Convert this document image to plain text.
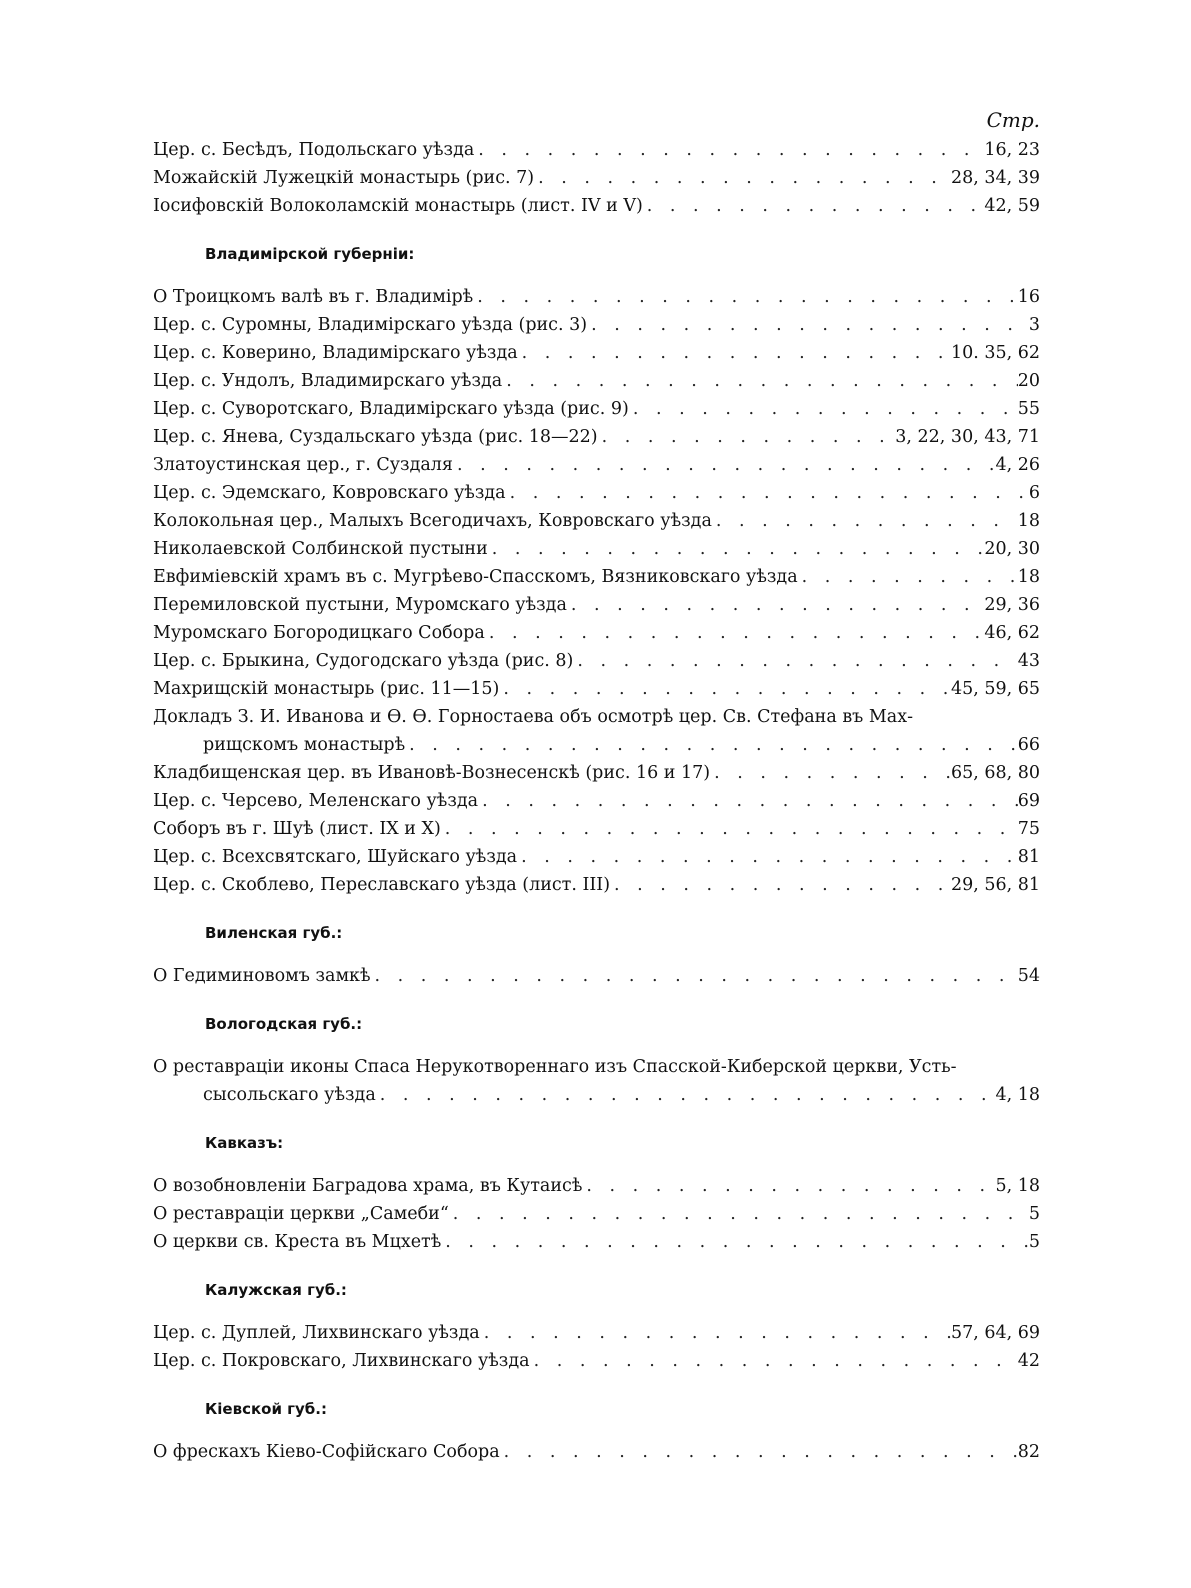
Стр.
Цер. с. Бесѣдъ, Подольскаго уѣзда . . .	16, 23
Можайскій Лужецкій монастырь (рис. 7) . . .	28, 34, 39
Іосифовскій Волоколамскій монастырь (лист. IV и V) . . .	42, 59
Владимірской губерніи:
О Троицкомъ валѣ въ г. Владимірѣ . . .	16
Цер. с. Суромны, Владимірскаго уѣзда (рис. 3) . . .	3
Цер. с. Коверино, Владимірскаго уѣзда . . .	10. 35, 62
Цер. с. Ундолъ, Владимирскаго уѣзда . . .	20
Цер. с. Суворотскаго, Владимірскаго уѣзда (рис. 9) . . .	55
Цер. с. Янева, Суздальскаго уѣзда (рис. 18—22) . . .	3, 22, 30, 43, 71
Златоустинская цер., г. Суздаля . . .	4, 26
Цер. с. Эдемскаго, Ковровскаго уѣзда . . .	6
Колокольная цер., Малыхъ Всегодичахъ, Ковровскаго уѣзда . . .	18
Николаевской Солбинской пустыни . . .	20, 30
Евфиміевскій храмъ въ с. Мугрѣево-Спасскомъ, Вязниковскаго уѣзда . . .	18
Перемиловской пустыни, Муромскаго уѣзда . . .	29, 36
Муромскаго Богородицкаго Собора . . .	46, 62
Цер. с. Брыкина, Судогодскаго уѣзда (рис. 8) . . .	43
Махрищскій монастырь (рис. 11—15) . . .	45, 59, 65
Докладъ З. И. Иванова и Ѳ. Ѳ. Горностаева объ осмотрѣ цер. Св. Стефана въ Мах-
рищскомъ монастырѣ . . .	66
Кладбищенская цер. въ Ивановѣ-Вознесенскѣ (рис. 16 и 17) . . .	65, 68, 80
Цер. с. Черсево, Меленскаго уѣзда . . .	69
Соборъ въ г. Шуѣ (лист. IX и X) . . .	75
Цер. с. Всехсвятскаго, Шуйскаго уѣзда . . .	81
Цер. с. Скоблево, Переславскаго уѣзда (лист. III) . . .	29, 56, 81
Виленская губ.:
О Гедиминовомъ замкѣ . . .	54
Вологодская губ.:
О реставраціи иконы Спаса Нерукотвореннаго изъ Спасской-Киберской церкви, Усть-
сысольскаго уѣзда . . .	4, 18
Кавказъ:
О возобновленіи Баградова храма, въ Кутаисѣ . . .	5, 18
О реставраціи церкви „Самеби“ . . .	5
О церкви св. Креста въ Мцхетѣ . . .	5
Калужская губ.:
Цер. с. Дуплей, Лихвинскаго уѣзда . . .	57, 64, 69
Цер. с. Покровскаго, Лихвинскаго уѣзда . . .	42
Кіевской губ.:
О фрескахъ Кіево-Софійскаго Собора . . .	82
